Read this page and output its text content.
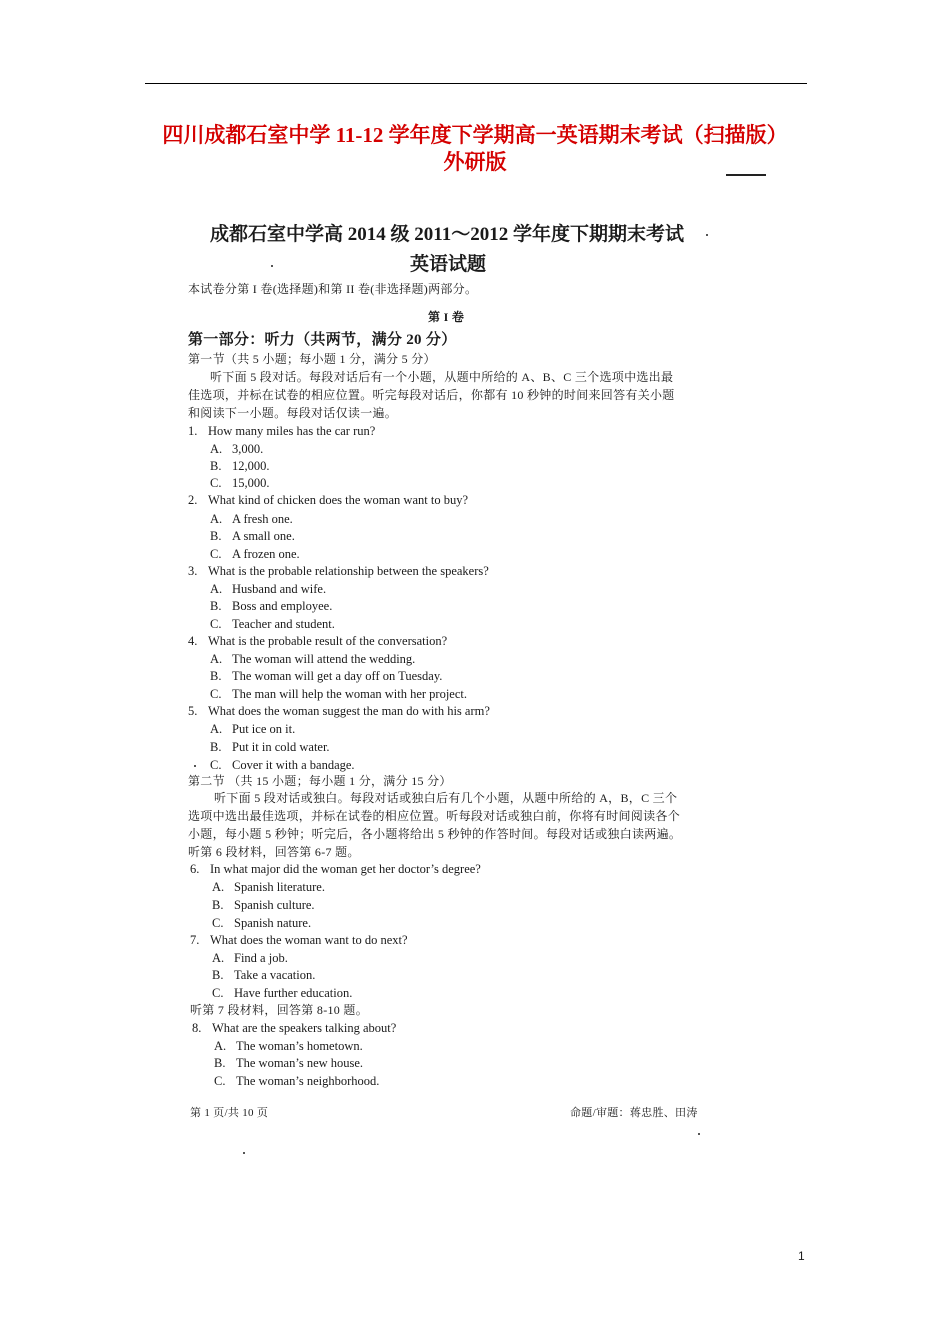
四川成都石室中学 11-12 学年度下学期高一英语期末考试（扫描版）
外研版
成都石室中学高 2014 级 2011～2012 学年度下期期末考试
英语试题
本试卷分第 I 卷(选择题)和第 II 卷(非选择题)两部分。
第 I 卷
第一部分：听力（共两节，满分 20 分）
第一节（共 5 小题；每小题 1 分，满分 5 分）
听下面 5 段对话。每段对话后有一个小题，从题中所给的 A、B、C 三个选项中选出最
佳选项，并标在试卷的相应位置。听完每段对话后，你都有 10 秒钟的时间来回答有关小题
和阅读下一小题。每段对话仅读一遍。
1. How many miles has the car run?
A. 3,000.
B. 12,000.
C. 15,000.
2. What kind of chicken does the woman want to buy?
A. A fresh one.
B. A small one.
C. A frozen one.
3. What is the probable relationship between the speakers?
A. Husband and wife.
B. Boss and employee.
C. Teacher and student.
4. What is the probable result of the conversation?
A. The woman will attend the wedding.
B. The woman will get a day off on Tuesday.
C. The man will help the woman with her project.
5. What does the woman suggest the man do with his arm?
A. Put ice on it.
B. Put it in cold water.
C. Cover it with a bandage.
第二节 （共 15 小题；每小题 1 分，满分 15 分）
听下面 5 段对话或独白。每段对话或独白后有几个小题，从题中所给的 A，B，C 三个
选项中选出最佳选项，并标在试卷的相应位置。听每段对话或独白前，你将有时间阅读各个
小题，每小题 5 秒钟；听完后，各小题将给出 5 秒钟的作答时间。每段对话或独白读两遍。
听第 6 段材料，回答第 6-7 题。
6. In what major did the woman get her doctor’s degree?
A. Spanish literature.
B. Spanish culture.
C. Spanish nature.
7. What does the woman want to do next?
A. Find a job.
B. Take a vacation.
C. Have further education.
听第 7 段材料，回答第 8-10 题。
8. What are the speakers talking about?
A. The woman’s hometown.
B. The woman’s new house.
C. The woman’s neighborhood.
第 1 页/共 10 页	命题/审题：蒋忠胜、田涛
1
